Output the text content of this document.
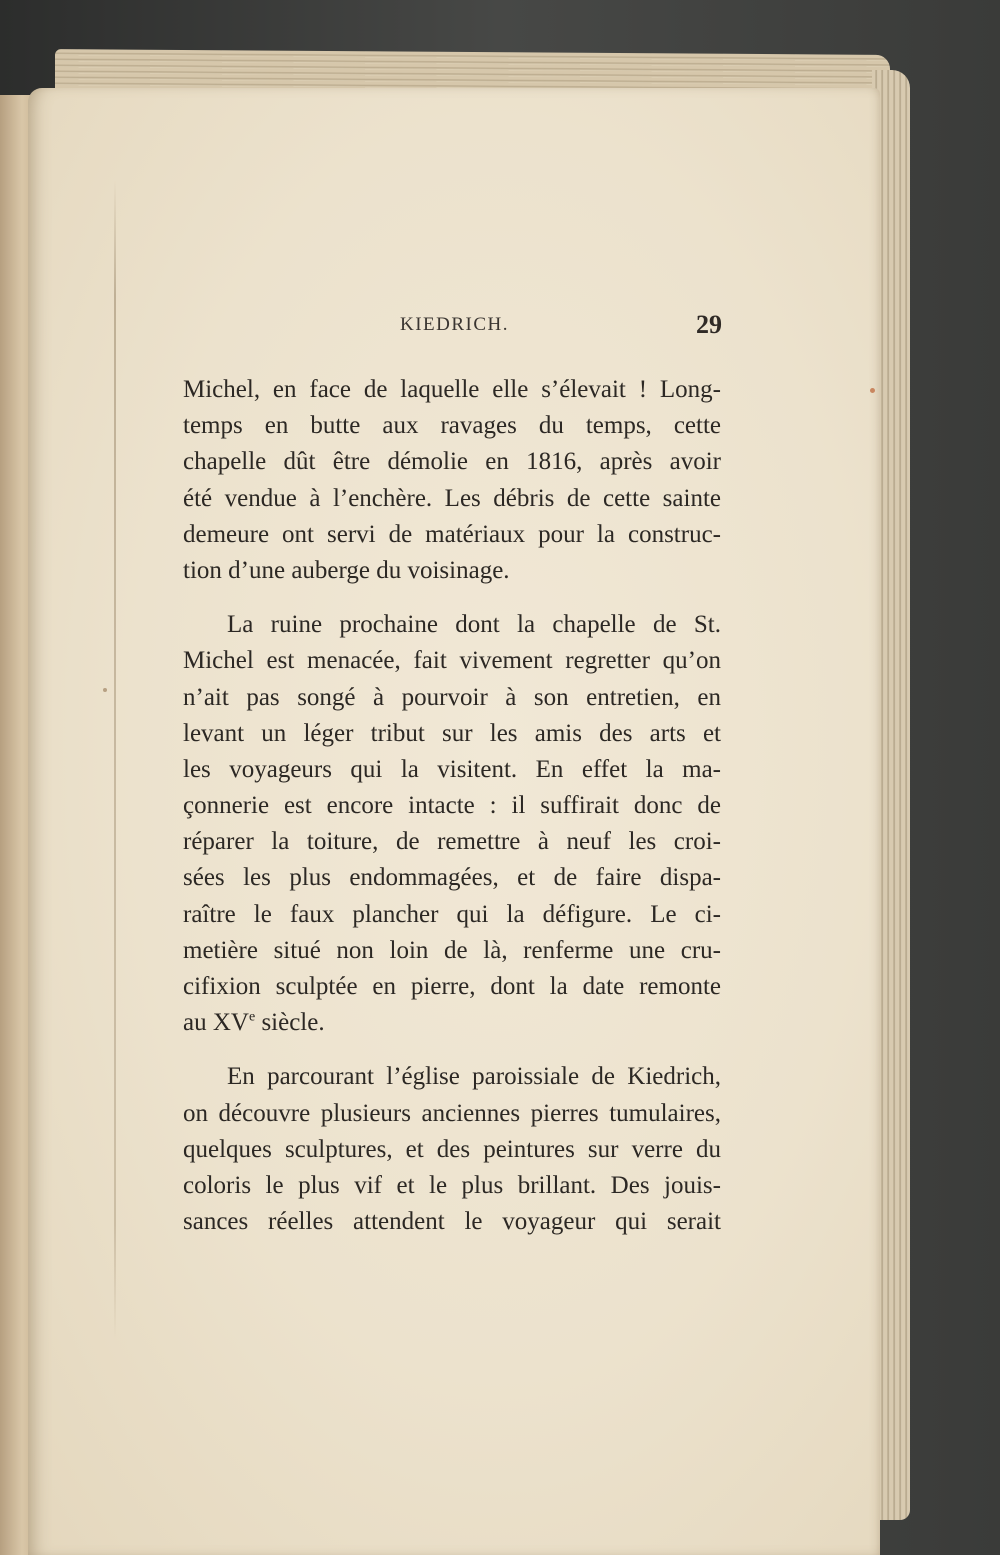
KIEDRICH.	29
Michel, en face de laquelle elle s’élevait ! Long-
temps en butte aux ravages du temps, cette
chapelle dût être démolie en 1816, après avoir
été vendue à l’enchère. Les débris de cette sainte
demeure ont servi de matériaux pour la construc-
tion d’une auberge du voisinage.
La ruine prochaine dont la chapelle de St.
Michel est menacée, fait vivement regretter qu’on
n’ait pas songé à pourvoir à son entretien, en
levant un léger tribut sur les amis des arts et
les voyageurs qui la visitent. En effet la ma-
çonnerie est encore intacte : il suffirait donc de
réparer la toiture, de remettre à neuf les croi-
sées les plus endommagées, et de faire dispa-
raître le faux plancher qui la défigure. Le ci-
metière situé non loin de là, renferme une cru-
cifixion sculptée en pierre, dont la date remonte
au XVe siècle.
En parcourant l’église paroissiale de Kiedrich,
on découvre plusieurs anciennes pierres tumulaires,
quelques sculptures, et des peintures sur verre du
coloris le plus vif et le plus brillant. Des jouis-
sances réelles attendent le voyageur qui serait
